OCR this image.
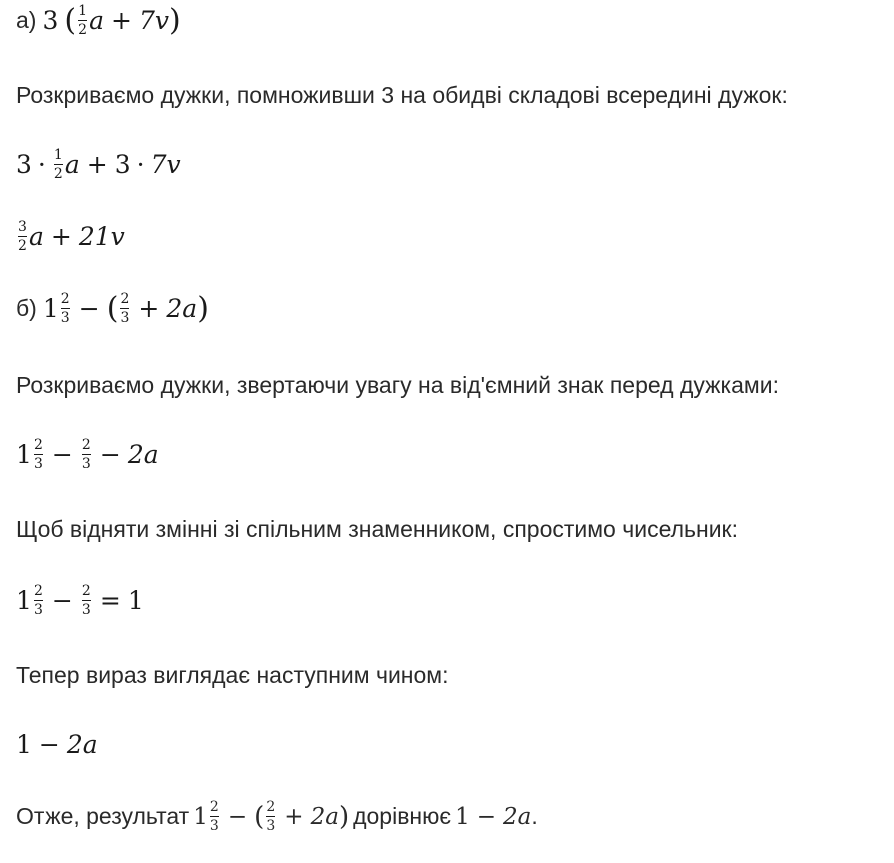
а) 3 ( $\frac{1}{2}$ a + 7v )
Розкриваємо дужки, помноживши 3 на обидві складові всередині дужок:
$3 \cdot \frac{1}{2}$ a + 3 · 7v
$\frac{3}{2}$ a + 21v
б) $1 \frac{2}{3}$ − ( $\frac{2}{3} + 2a$ )
Розкриваємо дужки, звертаючи увагу на від'ємний знак перед дужками:
$1 \frac{2}{3} - \frac{2}{3} - 2a$
Щоб відняти змінні зі спільним знаменником, спростимо чисельник:
$1 \frac{2}{3} - \frac{2}{3} = 1$
Тепер вираз виглядає наступним чином:
1 − 2a
Отже, результат $1 \frac{2}{3}$ − ( $\frac{2}{3} + 2a$ ) дорівнює 1 − 2a .
